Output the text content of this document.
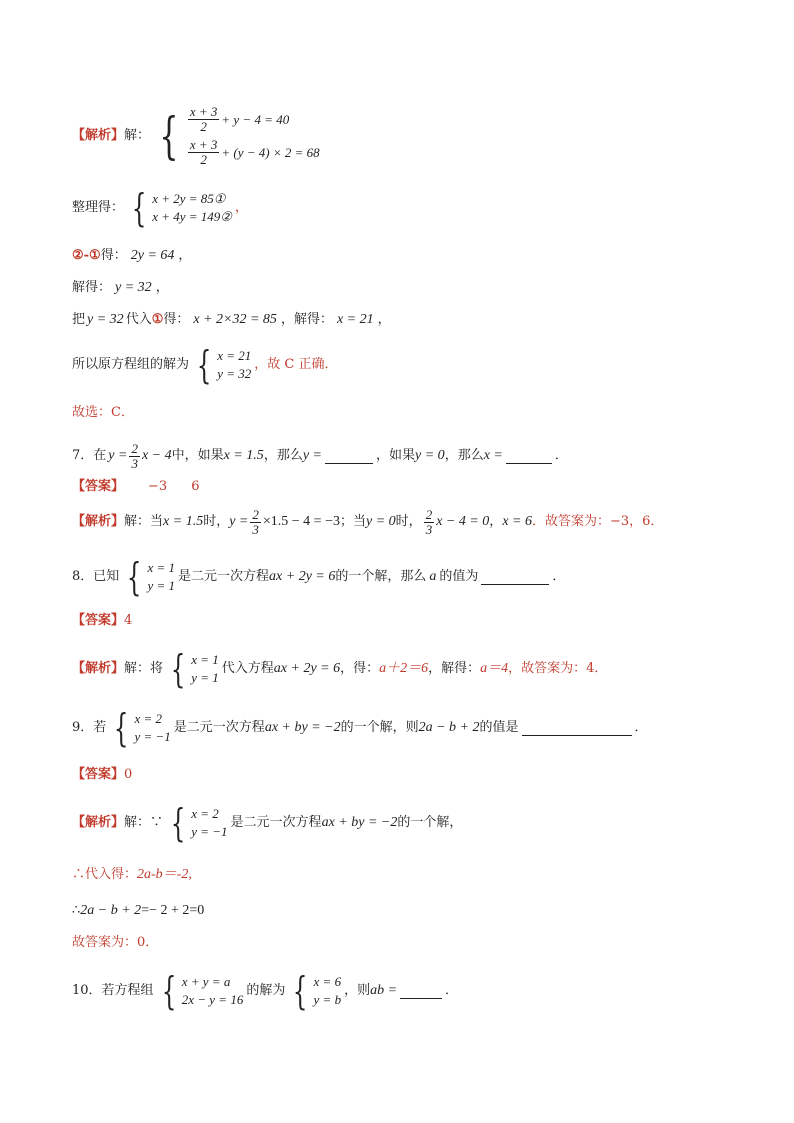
【解析】 解： { $\frac{x + 3}{2} + y - 4 = 40$
$\frac{x + 3}{2} + (y - 4) \times 2 = 68$
整理得： { x + 2y = 85①
x + 4y = 149②
，
②-① 得： 2y = 64 ，
解得： y = 32 ，
把 y = 32 代入 ① 得： x + 2×32 = 85 ，解得： x = 21 ，
所以原方程组的解为 { x = 21
y = 32
，故 C 正确．
故选：C．
7．在 $y = \frac{2}{3}$ x − 4 中，如果 x = 1.5 ，那么 y =	，如果 y = 0 ，那么 x =	．
【答案】 −3 6
【解析】 解：当 x = 1.5 时， $y = \frac{2}{3} \times 1.5 - 4 = -3$ ；当 y = 0 时， $\frac{2}{3}$ x − 4 = 0 ， x = 6 ．故答案为：−3，6．
8．已知 { x = 1
y = 1
是二元一次方程 ax + 2y = 6 的一个解，那么 a 的值为	．
【答案】 4
【解析】 解：将 { x = 1
y = 1
代入方程 ax + 2y = 6 ，得： a＋2＝6 ，解得： a＝4 ，故答案为：4．
9．若 { x = 2
y = −1
是二元一次方程 ax + by = −2 的一个解，则 2a − b + 2 的值是	．
【答案】 0
【解析】 解：∵ { x = 2
y = −1
是二元一次方程 ax + by = −2 的一个解，
∴代入得： 2a-b＝-2,
∴ 2a − b + 2 =− 2 + 2=0
故答案为：0．
10．若方程组 { x + y = a
2x − y = 16
的解为 { x = 6
y = b
，则 ab =	．
